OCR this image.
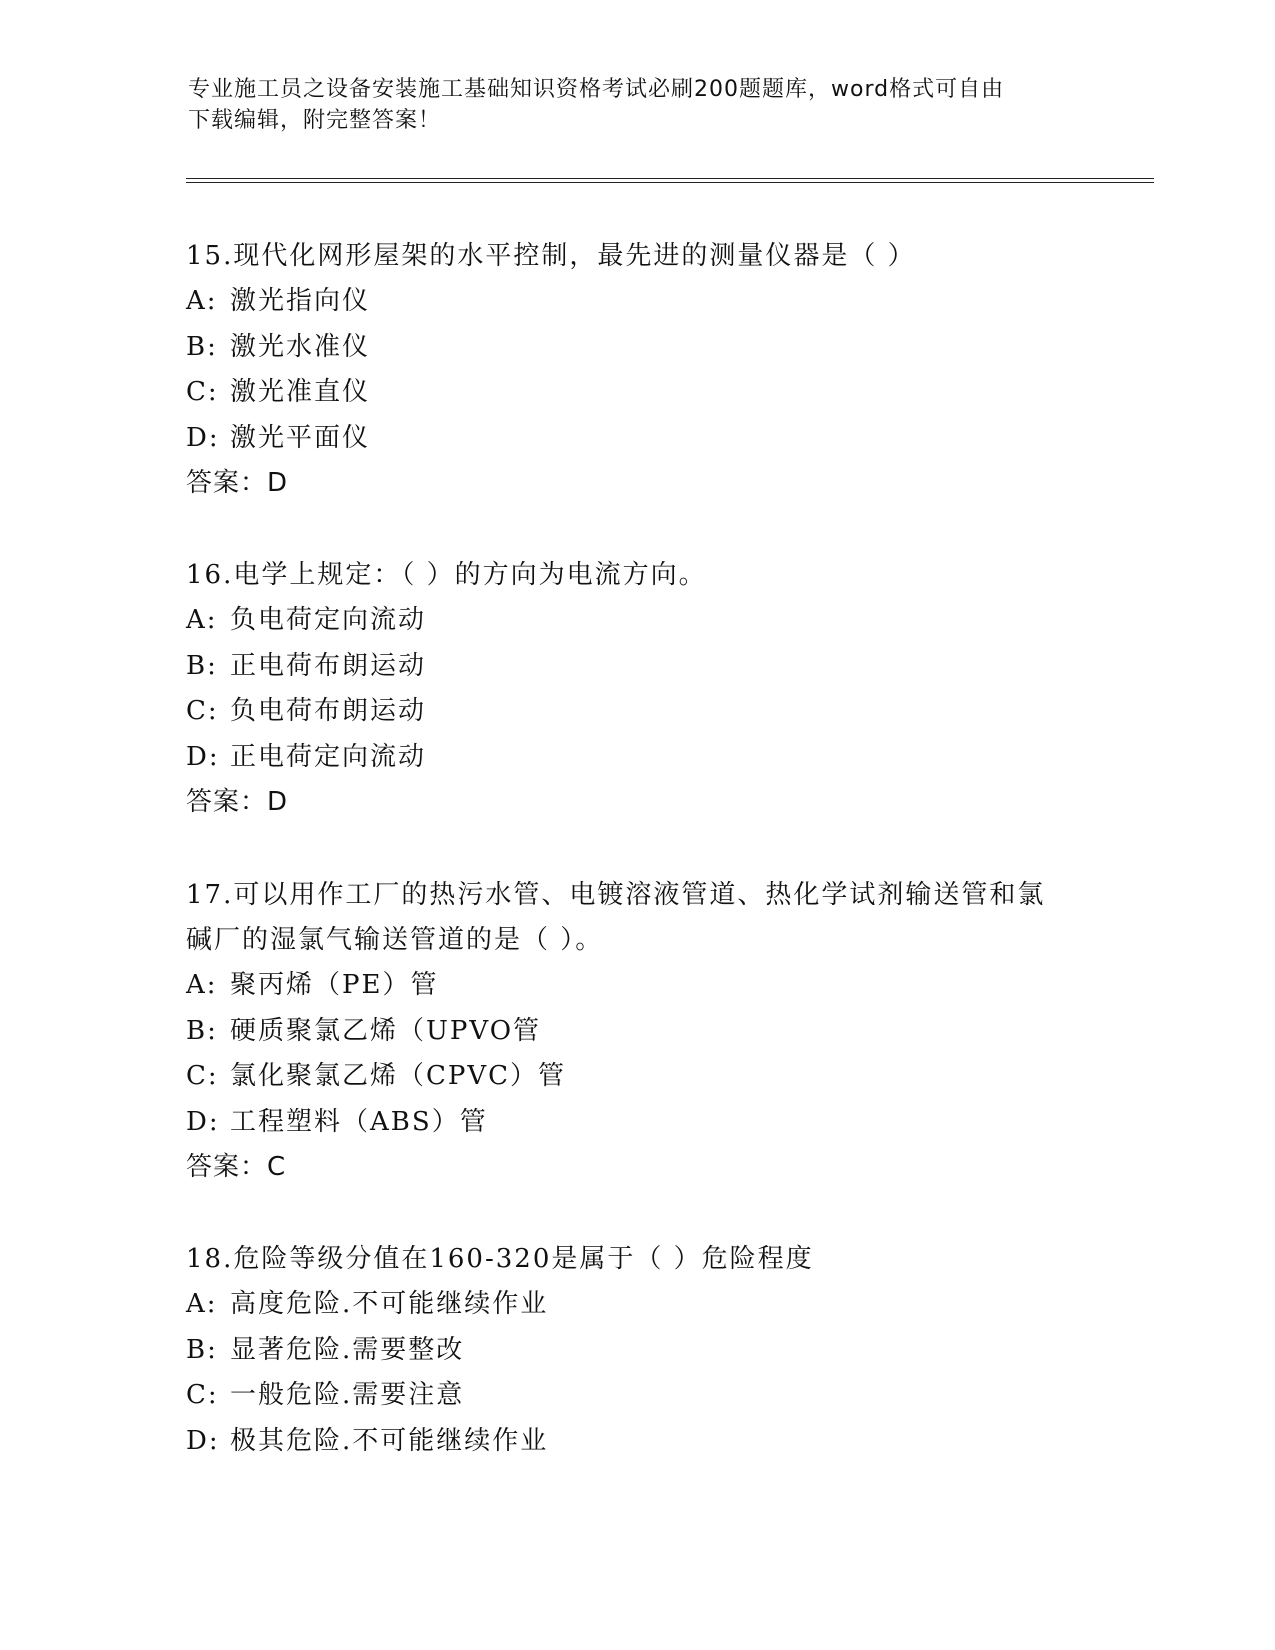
专业施工员之设备安装施工基础知识资格考试必刷200题题库，word格式可自由
下载编辑，附完整答案！
15.现代化网形屋架的水平控制，最先进的测量仪器是（ ）
A: 激光指向仪
B: 激光水准仪
C: 激光准直仪
D: 激光平面仪
答案：D
16.电学上规定：（ ）的方向为电流方向。
A: 负电荷定向流动
B: 正电荷布朗运动
C: 负电荷布朗运动
D: 正电荷定向流动
答案：D
17.可以用作工厂的热污水管、电镀溶液管道、热化学试剂输送管和氯
碱厂的湿氯气输送管道的是（ ）。
A: 聚丙烯（PE）管
B: 硬质聚氯乙烯（UPVO管
C: 氯化聚氯乙烯（CPVC）管
D: 工程塑料（ABS）管
答案：C
18.危险等级分值在160-320是属于（ ）危险程度
A: 高度危险.不可能继续作业
B: 显著危险.需要整改
C: 一般危险.需要注意
D: 极其危险.不可能继续作业
